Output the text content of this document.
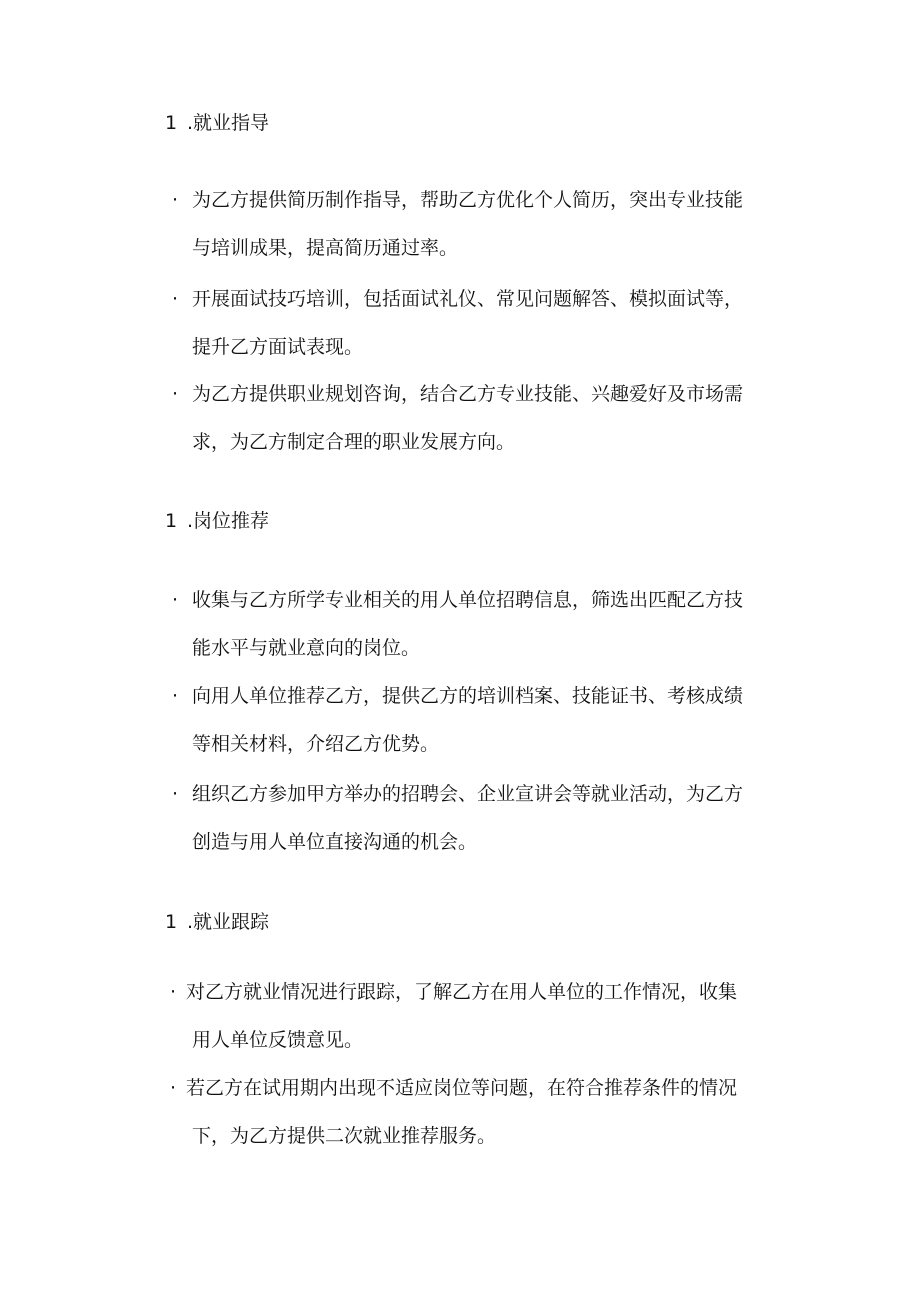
1 .就业指导
· 为乙方提供简历制作指导，帮助乙方优化个人简历，突出专业技能
与培训成果，提高简历通过率。
· 开展面试技巧培训，包括面试礼仪、常见问题解答、模拟面试等，
提升乙方面试表现。
· 为乙方提供职业规划咨询，结合乙方专业技能、兴趣爱好及市场需
求，为乙方制定合理的职业发展方向。
1 .岗位推荐
· 收集与乙方所学专业相关的用人单位招聘信息，筛选出匹配乙方技
能水平与就业意向的岗位。
· 向用人单位推荐乙方，提供乙方的培训档案、技能证书、考核成绩
等相关材料，介绍乙方优势。
· 组织乙方参加甲方举办的招聘会、企业宣讲会等就业活动，为乙方
创造与用人单位直接沟通的机会。
1 .就业跟踪
· 对乙方就业情况进行跟踪，了解乙方在用人单位的工作情况，收集
用人单位反馈意见。
· 若乙方在试用期内出现不适应岗位等问题，在符合推荐条件的情况
下，为乙方提供二次就业推荐服务。
